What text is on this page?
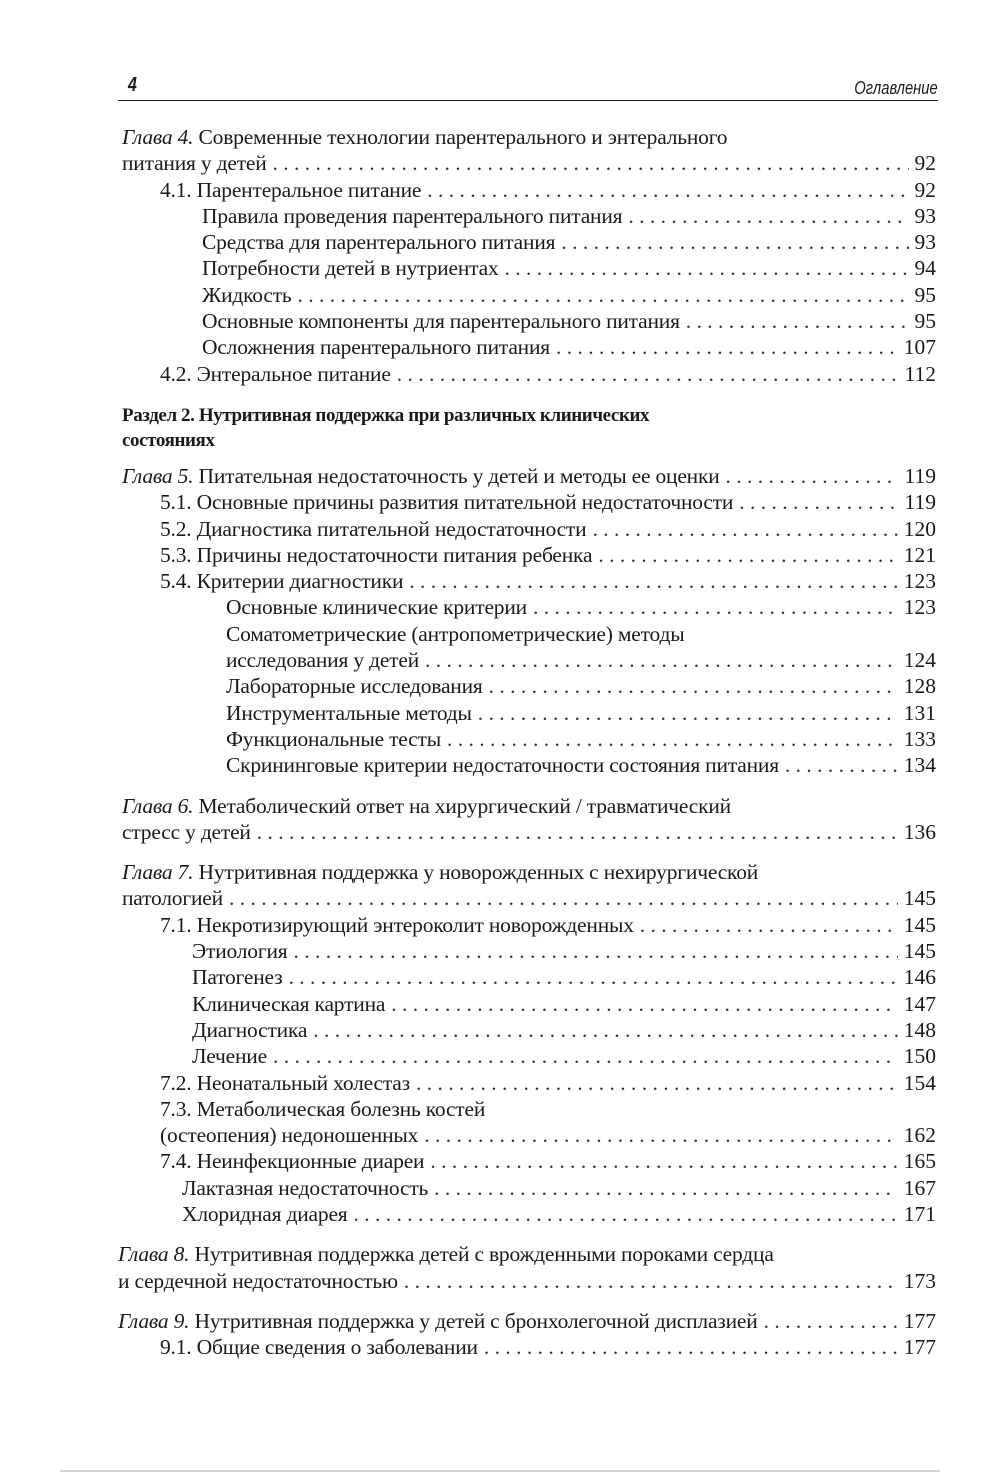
4	Оглавление
Глава 4. Современные технологии парентерального и энтерального
питания у детей . . .	92
4.1. Парентеральное питание . . .	92
Правила проведения парентерального питания . . .	93
Средства для парентерального питания . . .	93
Потребности детей в нутриентах . . .	94
Жидкость . . .	95
Основные компоненты для парентерального питания . . .	95
Осложнения парентерального питания . . .	107
4.2. Энтеральное питание . . .	112
Раздел 2. Нутритивная поддержка при различных клинических
состояниях
Глава 5. Питательная недостаточность у детей и методы ее оценки . . .	119
5.1. Основные причины развития питательной недостаточности . . .	119
5.2. Диагностика питательной недостаточности . . .	120
5.3. Причины недостаточности питания ребенка . . .	121
5.4. Критерии диагностики . . .	123
Основные клинические критерии . . .	123
Соматометрические (антропометрические) методы
исследования у детей . . .	124
Лабораторные исследования . . .	128
Инструментальные методы . . .	131
Функциональные тесты . . .	133
Скрининговые критерии недостаточности состояния питания . . .	134
Глава 6. Метаболический ответ на хирургический / травматический
стресс у детей . . .	136
Глава 7. Нутритивная поддержка у новорожденных с нехирургической
патологией . . .	145
7.1. Некротизирующий энтероколит новорожденных . . .	145
Этиология . . .	145
Патогенез . . .	146
Клиническая картина . . .	147
Диагностика . . .	148
Лечение . . .	150
7.2. Неонатальный холестаз . . .	154
7.3. Метаболическая болезнь костей
(остеопения) недоношенных . . .	162
7.4. Неинфекционные диареи . . .	165
Лактазная недостаточность . . .	167
Хлоридная диарея . . .	171
Глава 8. Нутритивная поддержка детей с врожденными пороками сердца
и сердечной недостаточностью . . .	173
Глава 9. Нутритивная поддержка у детей с бронхолегочной дисплазией . . .	177
9.1. Общие сведения о заболевании . . .	177
